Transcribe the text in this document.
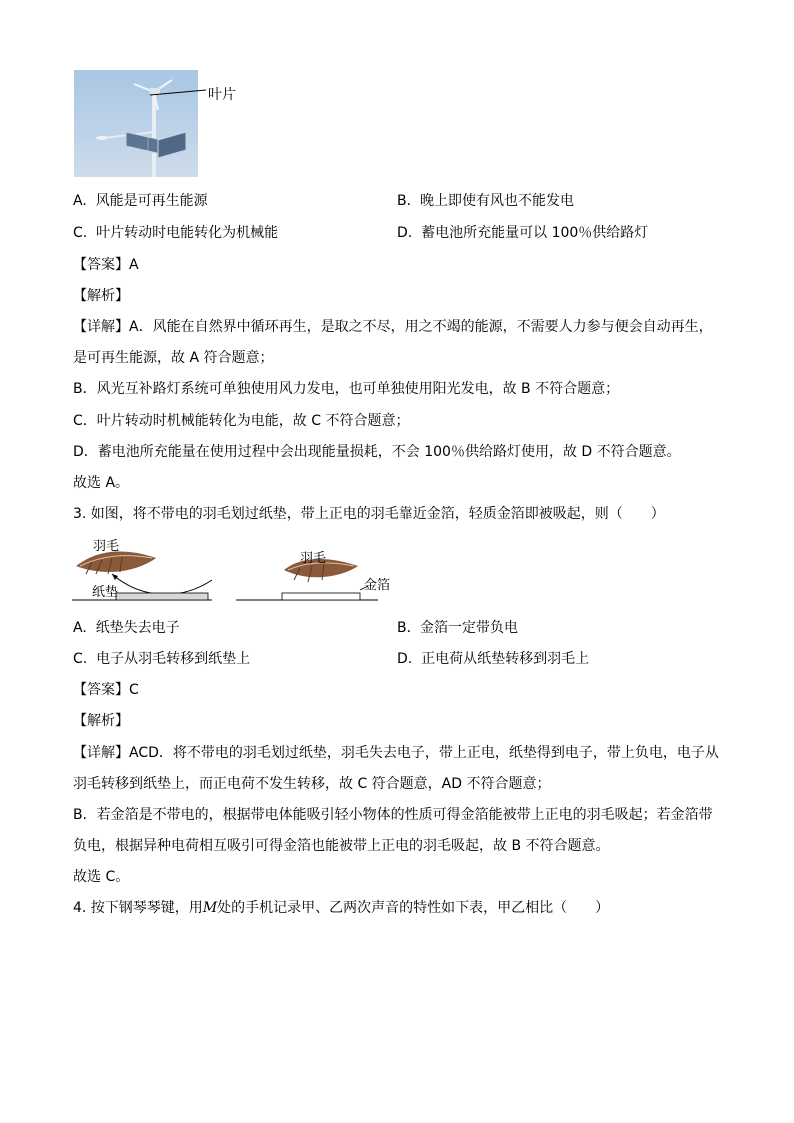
叶片
A. 风能是可再生能源	B. 晚上即使有风也不能发电
C. 叶片转动时电能转化为机械能	D. 蓄电池所充能量可以 100％供给路灯
【答案】A
【解析】
【详解】A．风能在自然界中循环再生，是取之不尽，用之不竭的能源，不需要人力参与便会自动再生，
是可再生能源，故 A 符合题意；
B．风光互补路灯系统可单独使用风力发电，也可单独使用阳光发电，故 B 不符合题意；
C．叶片转动时机械能转化为电能，故 C 不符合题意；
D．蓄电池所充能量在使用过程中会出现能量损耗，不会 100％供给路灯使用，故 D 不符合题意。
故选 A。
3. 如图，将不带电的羽毛划过纸垫，带上正电的羽毛靠近金箔，轻质金箔即被吸起，则（　　）
羽毛
纸垫
羽毛
金箔
A. 纸垫失去电子	B. 金箔一定带负电
C. 电子从羽毛转移到纸垫上	D. 正电荷从纸垫转移到羽毛上
【答案】C
【解析】
【详解】ACD．将不带电的羽毛划过纸垫，羽毛失去电子，带上正电，纸垫得到电子，带上负电，电子从
羽毛转移到纸垫上，而正电荷不发生转移，故 C 符合题意，AD 不符合题意；
B．若金箔是不带电的，根据带电体能吸引轻小物体的性质可得金箔能被带上正电的羽毛吸起；若金箔带
负电，根据异种电荷相互吸引可得金箔也能被带上正电的羽毛吸起，故 B 不符合题意。
故选 C。
4. 按下钢琴琴键，用M处的手机记录甲、乙两次声音的特性如下表，甲乙相比（　　）
